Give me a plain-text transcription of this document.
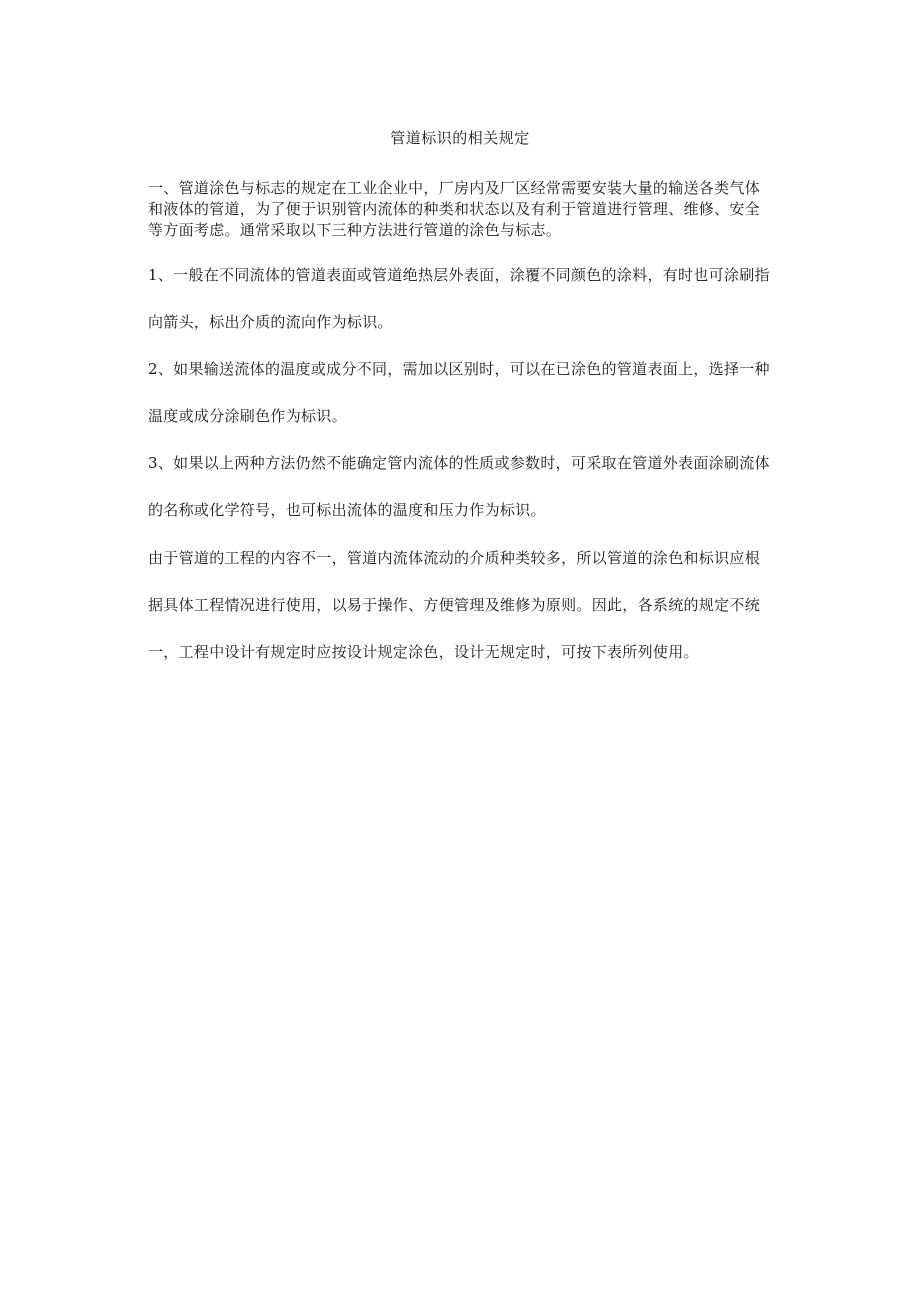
管道标识的相关规定
一、管道涂色与标志的规定在工业企业中，厂房内及厂区经常需要安装大量的输送各类气体
和液体的管道，为了便于识别管内流体的种类和状态以及有利于管道进行管理、维修、安全
等方面考虑。通常采取以下三种方法进行管道的涂色与标志。
1、一般在不同流体的管道表面或管道绝热层外表面，涂覆不同颜色的涂料，有时也可涂刷指
向箭头，标出介质的流向作为标识。
2、如果输送流体的温度或成分不同，需加以区别时，可以在已涂色的管道表面上，选择一种
温度或成分涂刷色作为标识。
3、如果以上两种方法仍然不能确定管内流体的性质或参数时，可采取在管道外表面涂刷流体
的名称或化学符号，也可标出流体的温度和压力作为标识。
由于管道的工程的内容不一，管道内流体流动的介质种类较多，所以管道的涂色和标识应根
据具体工程情况进行使用，以易于操作、方便管理及维修为原则。因此，各系统的规定不统
一，工程中设计有规定时应按设计规定涂色，设计无规定时，可按下表所列使用。
